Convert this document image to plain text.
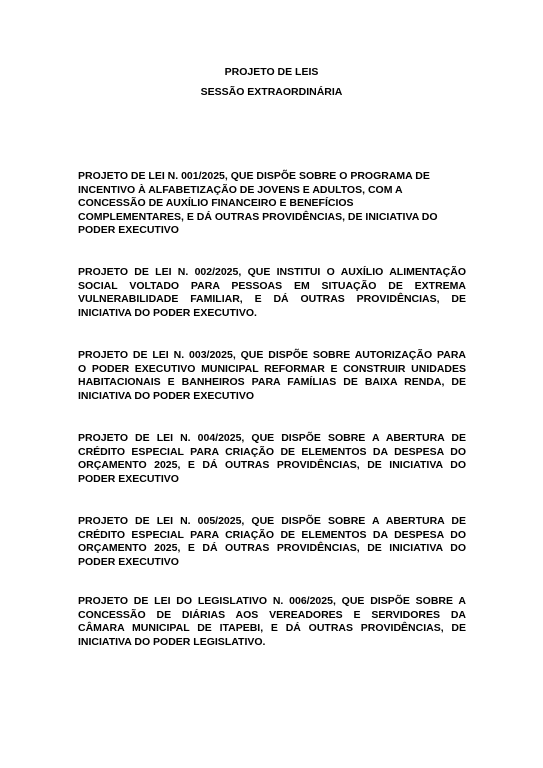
PROJETO DE LEIS
SESSÃO EXTRAORDINÁRIA
PROJETO DE LEI N. 001/2025, QUE DISPÕE SOBRE O PROGRAMA DE
INCENTIVO À ALFABETIZAÇÃO DE JOVENS E ADULTOS, COM A
CONCESSÃO DE AUXÍLIO FINANCEIRO E BENEFÍCIOS
COMPLEMENTARES, E DÁ OUTRAS PROVIDÊNCIAS, DE INICIATIVA DO
PODER EXECUTIVO
PROJETO DE LEI N. 002/2025, QUE INSTITUI O AUXÍLIO ALIMENTAÇÃO
SOCIAL VOLTADO PARA PESSOAS EM SITUAÇÃO DE EXTREMA
VULNERABILIDADE FAMILIAR, E DÁ OUTRAS PROVIDÊNCIAS, DE
INICIATIVA DO PODER EXECUTIVO.
PROJETO DE LEI N. 003/2025, QUE DISPÕE SOBRE AUTORIZAÇÃO PARA
O PODER EXECUTIVO MUNICIPAL REFORMAR E CONSTRUIR UNIDADES
HABITACIONAIS E BANHEIROS PARA FAMÍLIAS DE BAIXA RENDA, DE
INICIATIVA DO PODER EXECUTIVO
PROJETO DE LEI N. 004/2025, QUE DISPÕE SOBRE A ABERTURA DE
CRÉDITO ESPECIAL PARA CRIAÇÃO DE ELEMENTOS DA DESPESA DO
ORÇAMENTO 2025, E DÁ OUTRAS PROVIDÊNCIAS, DE INICIATIVA DO
PODER EXECUTIVO
PROJETO DE LEI N. 005/2025, QUE DISPÕE SOBRE A ABERTURA DE
CRÉDITO ESPECIAL PARA CRIAÇÃO DE ELEMENTOS DA DESPESA DO
ORÇAMENTO 2025, E DÁ OUTRAS PROVIDÊNCIAS, DE INICIATIVA DO
PODER EXECUTIVO
PROJETO DE LEI DO LEGISLATIVO N. 006/2025, QUE DISPÕE SOBRE A
CONCESSÃO DE DIÁRIAS AOS VEREADORES E SERVIDORES DA
CÂMARA MUNICIPAL DE ITAPEBI, E DÁ OUTRAS PROVIDÊNCIAS, DE
INICIATIVA DO PODER LEGISLATIVO.
